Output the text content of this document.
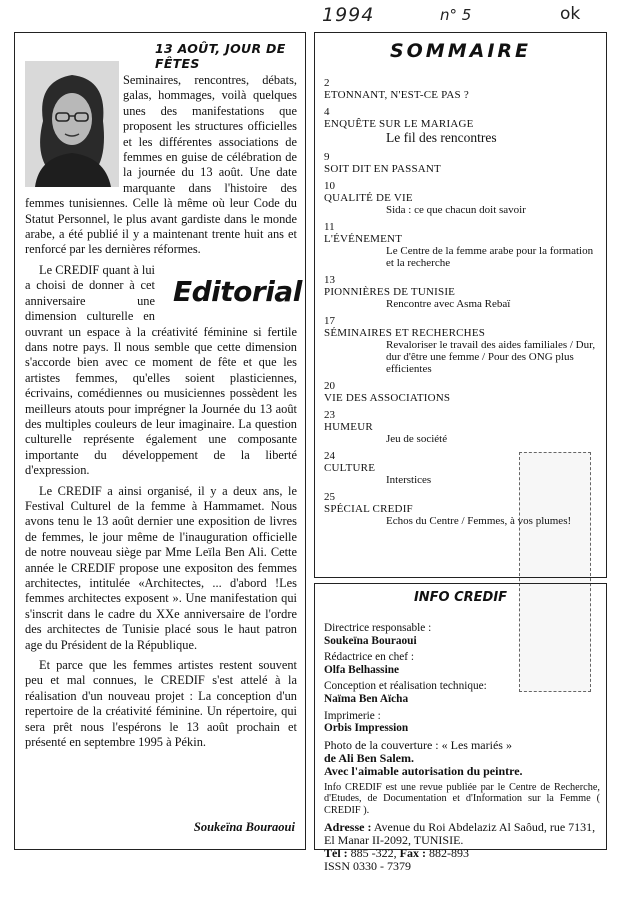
1994	n° 5	ok
13 AOÛT, JOUR DE FÊTES

Seminaires, rencontres, débats, galas, hommages, voilà quelques unes des manifestations que proposent les structures officielles et les différentes associations de femmes en guise de célébration de la journée du 13 août. Une date marquante dans l'histoire des femmes tunisiennes. Celle là même où leur Code du Statut Personnel, le plus avant gardiste dans le monde arabe, a été publié il y a maintenant trente huit ans et renforcé par les dernières réformes.

Editorial
Le CREDIF quant à lui a choisi de donner à cet anniversaire une dimension culturelle en ouvrant un espace à la créativité féminine si fertile dans notre pays. Il nous semble que cette dimension s'accorde bien avec ce moment de fête et que les artistes femmes, qu'elles soient plasticiennes, écrivains, comédiennes ou musiciennes possèdent les meilleurs atouts pour imprégner la Journée du 13 août des multiples couleurs de leur imaginaire. La question culturelle représente également une composante importante du développement de la liberté d'expression.

Le CREDIF a ainsi organisé, il y a deux ans, le Festival Culturel de la femme à Hammamet. Nous avons tenu le 13 août dernier une exposition de livres de femmes, le jour même de l'inauguration officielle de notre nouveau siège par Mme Leïla Ben Ali. Cette année le CREDIF propose une expositon des femmes architectes, intitulée «Architectes, ... d'abord !Les femmes architectes exposent ». Une manifestation qui s'inscrit dans le cadre du XXe anniversaire de l'ordre des architectes de Tunisie placé sous le haut patron age du Président de la République.

Et parce que les femmes artistes restent souvent peu et mal connues, le CREDIF s'est attelé à la réalisation d'un nouveau projet : La conception d'un repertoire de la créativité féminine. Un répertoire, qui sera prêt nous l'espérons le 13 août prochain et présenté en septembre 1995 à Pékin.

Soukeïna Bouraoui
SOMMAIRE
2
ETONNANT, N'EST-CE PAS ?
4
ENQUÊTE SUR LE MARIAGE
Le fil des rencontres
9
SOIT DIT EN PASSANT
10
QUALITÉ DE VIE
Sida : ce que chacun doit savoir
11
L'ÉVÉNEMENT
Le Centre de la femme arabe pour la formation et la recherche
13
PIONNIÈRES DE TUNISIE
Rencontre avec Asma Rebaï
17
SÉMINAIRES ET RECHERCHES
Revaloriser le travail des aides familiales / Dur, dur d'être une femme / Pour des ONG plus efficientes
20
VIE DES ASSOCIATIONS
23
HUMEUR
Jeu de société
24
CULTURE
Interstices
25
SPÉCIAL CREDIF
Echos du Centre / Femmes, à vos plumes!
INFO CREDIF
Directrice responsable :
Soukeïna Bouraoui
Rédactrice en chef :
Olfa Belhassine
Conception et réalisation technique:
Naïma Ben Aïcha
Imprimerie :
Orbis Impression
Photo de la couverture : « Les mariés »
de Ali Ben Salem.
Avec l'aimable autorisation du peintre.
Info CREDIF est une revue publiée par le Centre de Recherche, d'Etudes, de Documentation et d'Information sur la Femme ( CREDIF ).
Adresse : Avenue du Roi Abdelaziz Al Saôud, rue 7131, El Manar II-2092, TUNISIE.
Tél : 885 -322, Fax : 882-893
ISSN 0330 - 7379
